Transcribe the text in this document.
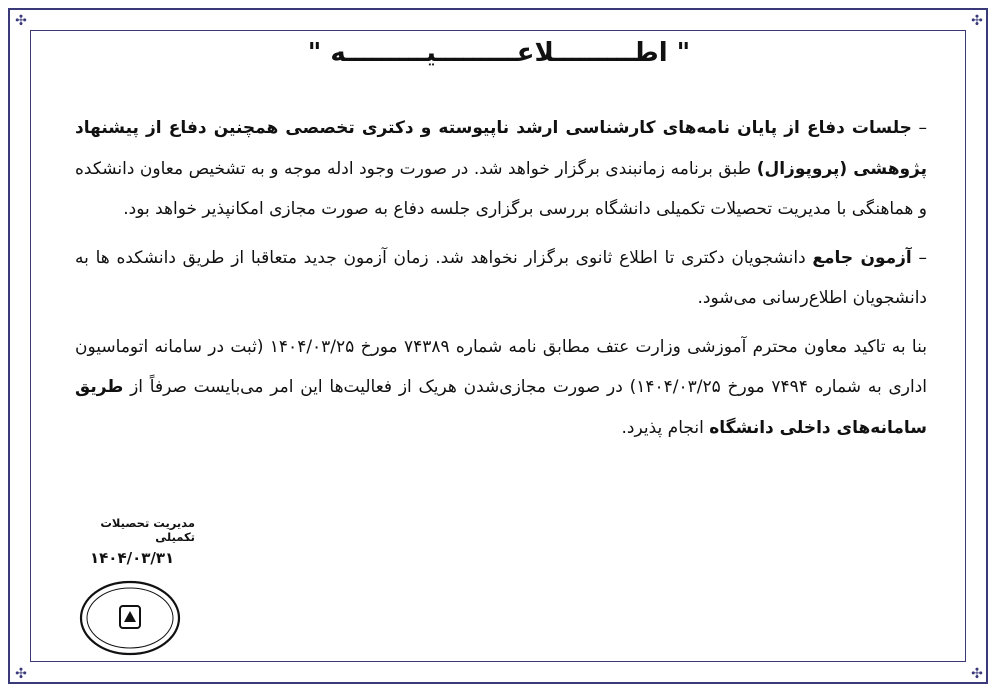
✣	✣
✣	✣
" اطـــــــــلاعـــــــــیـــــــــه "

– جلسات دفاع از پایان نامه‌های کارشناسی ارشد ناپیوسته و دکتری تخصصی همچنین دفاع از پیشنهاد پژوهشی (پروپوزال) طبق برنامه زمانبندی برگزار خواهد شد. در صورت وجود ادله موجه و به تشخیص معاون دانشکده و هماهنگی با مدیریت تحصیلات تکمیلی دانشگاه بررسی برگزاری جلسه دفاع به صورت مجازی امکانپذیر خواهد بود.

– آزمون جامع دانشجویان دکتری تا اطلاع ثانوی برگزار نخواهد شد. زمان آزمون جدید متعاقبا از طریق دانشکده ها به دانشجویان اطلاع‌رسانی می‌شود.

بنا به تاکید معاون محترم آموزشی وزارت عتف مطابق نامه شماره ۷۴۳۸۹ مورخ ۱۴۰۴/۰۳/۲۵ (ثبت در سامانه اتوماسیون اداری به شماره ۷۴۹۴ مورخ ۱۴۰۴/۰۳/۲۵) در صورت مجازی‌شدن هریک از فعالیت‌ها این امر می‌بایست صرفاً از طریق سامانه‌های داخلی دانشگاه انجام پذیرد.

مدیریت تحصیلات تکمیلی
۱۴۰۴/۰۳/۳۱
